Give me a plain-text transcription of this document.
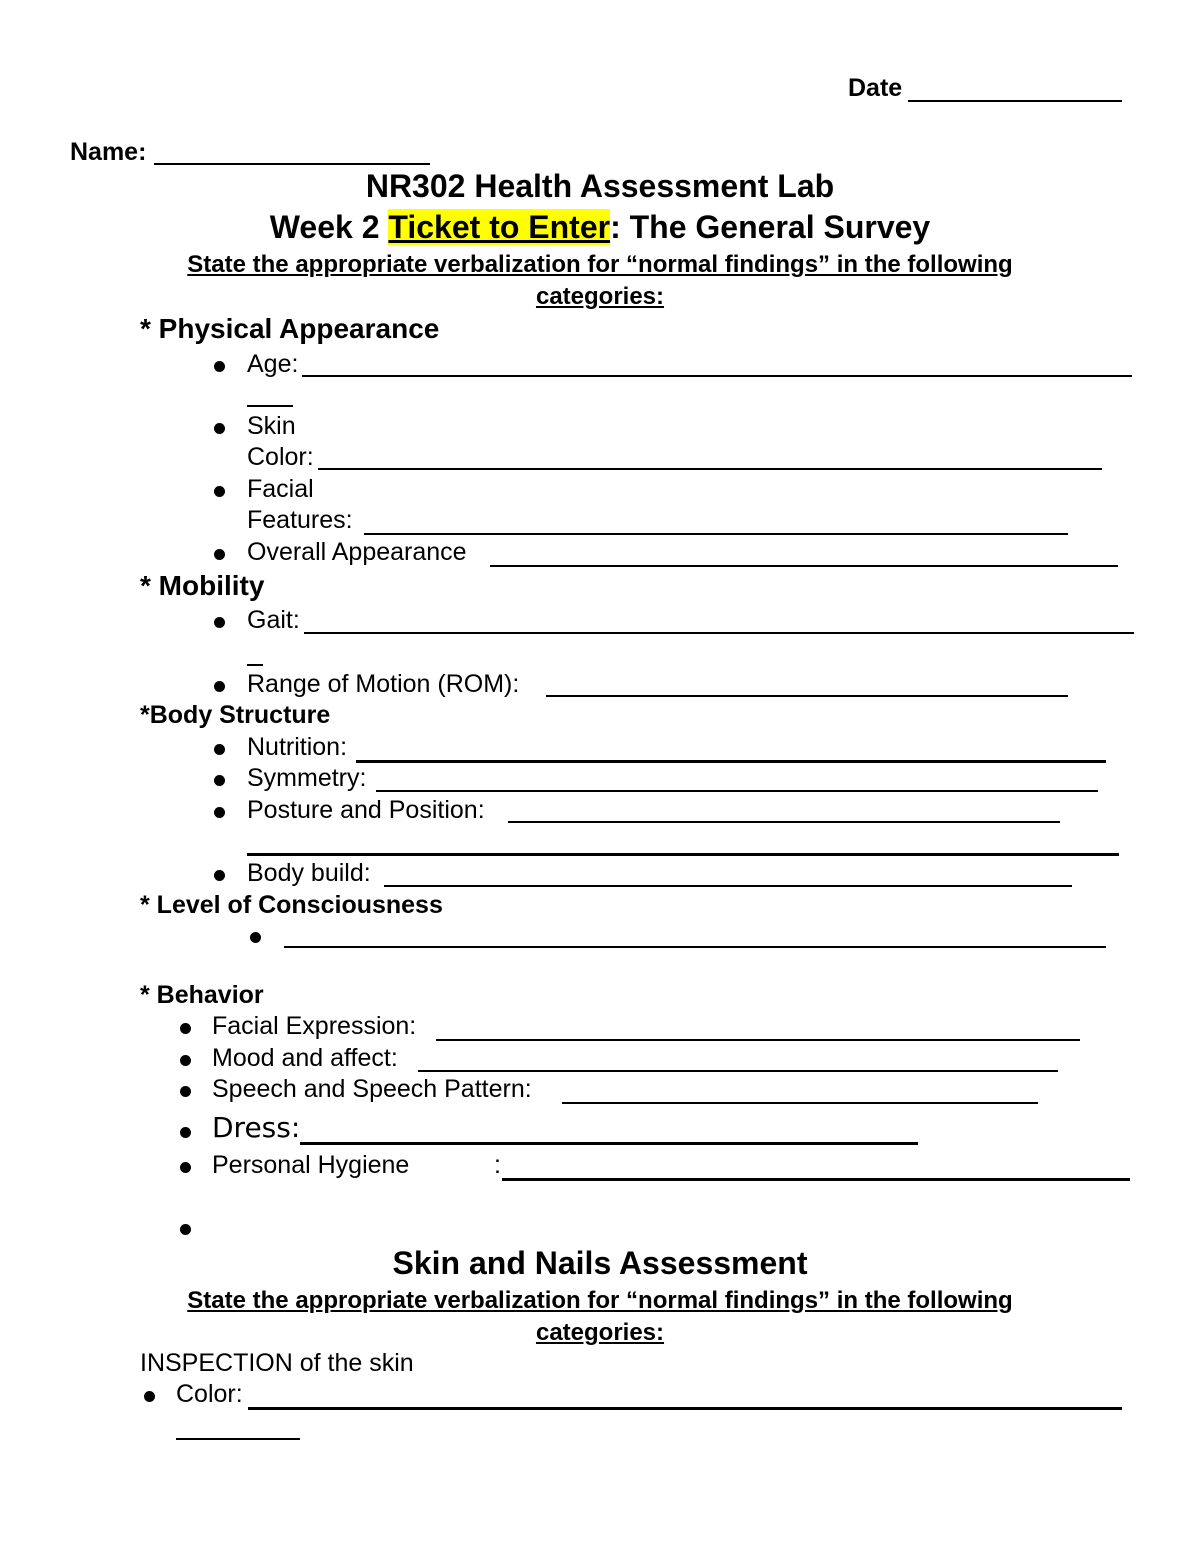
Date
Name:
NR302 Health Assessment Lab
Week 2 Ticket to Enter: The General Survey
State the appropriate verbalization for “normal findings” in the following
categories:
* Physical Appearance
Age:
Skin
Color:
Facial
Features:
Overall Appearance
* Mobility
Gait:
Range of Motion (ROM):
*Body Structure
Nutrition:
Symmetry:
Posture and Position:
Body build:
* Level of Consciousness
* Behavior
Facial Expression:
Mood and affect:
Speech and Speech Pattern:
Dress:
Personal Hygiene	:
Skin and Nails Assessment
State the appropriate verbalization for “normal findings” in the following
categories:
INSPECTION of the skin
Color:
